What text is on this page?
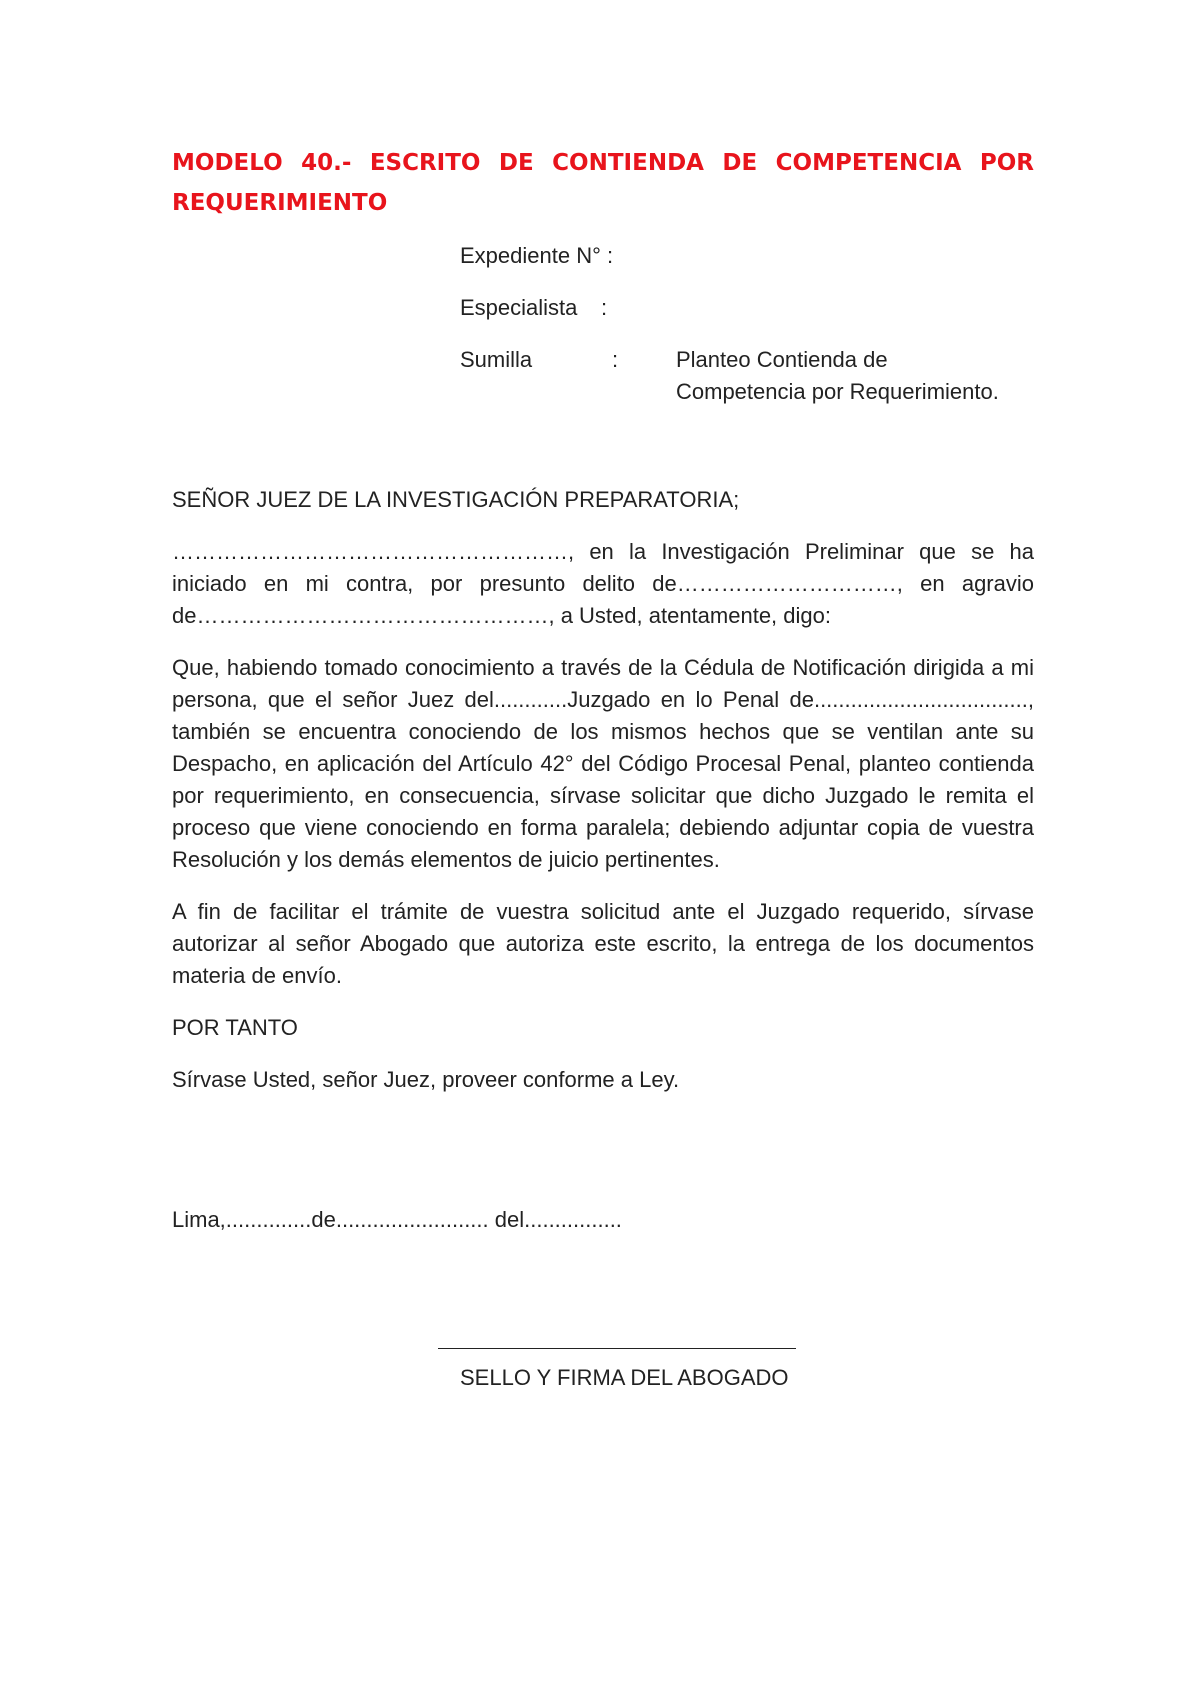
MODELO 40.- ESCRITO DE CONTIENDA DE COMPETENCIA POR REQUERIMIENTO
Expediente N° :
Especialista :
Sumilla	:	Planteo Contienda de
Competencia por Requerimiento.

SEÑOR JUEZ DE LA INVESTIGACIÓN PREPARATORIA;

………………………………………………, en la Investigación Preliminar que se ha iniciado en mi contra, por presunto delito de…………………………, en agravio de…………………………………………, a Usted, atentamente, digo:

Que, habiendo tomado conocimiento a través de la Cédula de Notificación dirigida a mi persona, que el señor Juez del............Juzgado en lo Penal de..................................., también se encuentra conociendo de los mismos hechos que se ventilan ante su Despacho, en aplicación del Artículo 42° del Código Procesal Penal, planteo contienda por requerimiento, en consecuencia, sírvase solicitar que dicho Juzgado le remita el proceso que viene conociendo en forma paralela; debiendo adjuntar copia de vuestra Resolución y los demás elementos de juicio pertinentes.

A fin de facilitar el trámite de vuestra solicitud ante el Juzgado requerido, sírvase autorizar al señor Abogado que autoriza este escrito, la entrega de los documentos materia de envío.

POR TANTO

Sírvase Usted, señor Juez, proveer conforme a Ley.

Lima,..............de......................... del................
SELLO Y FIRMA DEL ABOGADO
